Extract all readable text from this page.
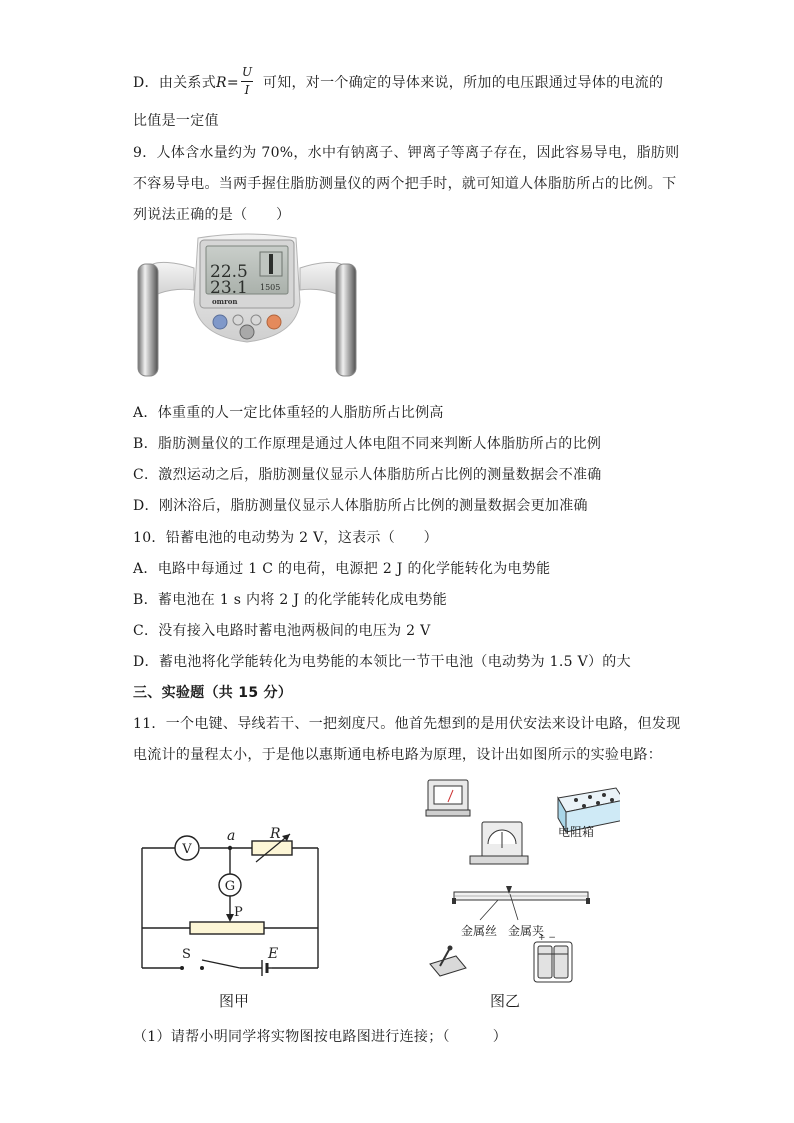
D．由关系式R= 可知，对一个确定的导体来说，所加的电压跟通过导体的电流的
U
I
比值是一定值
9．人体含水量约为 70%，水中有钠离子、钾离子等离子存在，因此容易导电，脂肪则
不容易导电。当两手握住脂肪测量仪的两个把手时，就可知道人体脂肪所占的比例。下
列说法正确的是（　　）
22.5
23.1 1505
omron
A．体重重的人一定比体重轻的人脂肪所占比例高
B．脂肪测量仪的工作原理是通过人体电阻不同来判断人体脂肪所占的比例
C．激烈运动之后，脂肪测量仪显示人体脂肪所占比例的测量数据会不准确
D．刚沐浴后，脂肪测量仪显示人体脂肪所占比例的测量数据会更加准确
10．铅蓄电池的电动势为 2 V，这表示（　　）
A．电路中每通过 1 C 的电荷，电源把 2 J 的化学能转化为电势能
B．蓄电池在 1 s 内将 2 J 的化学能转化成电势能
C．没有接入电路时蓄电池两极间的电压为 2 V
D．蓄电池将化学能转化为电势能的本领比一节干电池（电动势为 1.5 V）的大
三、实验题（共 15 分）
11．一个电键、导线若干、一把刻度尺。他首先想到的是用伏安法来设计电路，但发现
电流计的量程太小，于是他以惠斯通电桥电路为原理，设计出如图所示的实验电路：
V
R
a
G
P
S	E
图甲
+ −
电阻箱
金属丝 金属夹
图乙
（1）请帮小明同学将实物图按电路图进行连接；（　　　）
